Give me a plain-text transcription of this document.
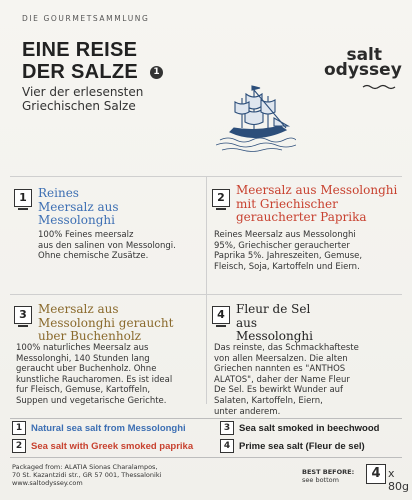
DIE GOURMETSAMMLUNG
EINE REISE
DER SALZE	1
Vier der erlesensten
Griechischen Salze
salt
odyssey
1 Reines
Meersalz aus
Messolonghi
100% Feines meersalz
aus den salinen von Messolongi.
Ohne chemische Zusätze.
2
Meersalz aus Messolonghi
mit Griechischer
geraucherter Paprika
Reines Meersalz aus Messolonghi
95%, Griechischer geraucherter
Paprika 5%. Jahreszeiten, Gemuse,
Fleisch, Soja, Kartoffeln und Eiern.
3 Meersalz aus
Messolonghi geraucht
uber Buchenholz
100% naturliches Meersalz aus
Messolonghi, 140 Stunden lang
geraucht uber Buchenholz. Ohne
kunstliche Raucharomen. Es ist ideal
fur Fleisch, Gemuse, Kartoffeln,
Suppen und vegetarische Gerichte.
4 Fleur de Sel
aus
Messolonghi
Das reinste, das Schmackhafteste
von allen Meersalzen. Die alten
Griechen nannten es "ANTHOS
ALATOS", daher der Name Fleur
De Sel. Es bewirkt Wunder auf
Salaten, Kartoffeln, Eiern,
unter anderem.
1 Natural sea salt from Messolonghi	3 Sea salt smoked in beechwood
2 Sea salt with Greek smoked paprika	4 Prime sea salt (Fleur de sel)
Packaged from: ALATIA Sionas Charalampos,
70 St. Kazantzidi str., GR 57 001, Thessaloniki
www.saltodyssey.com
BEST BEFORE:
see bottom	4 x 80g
